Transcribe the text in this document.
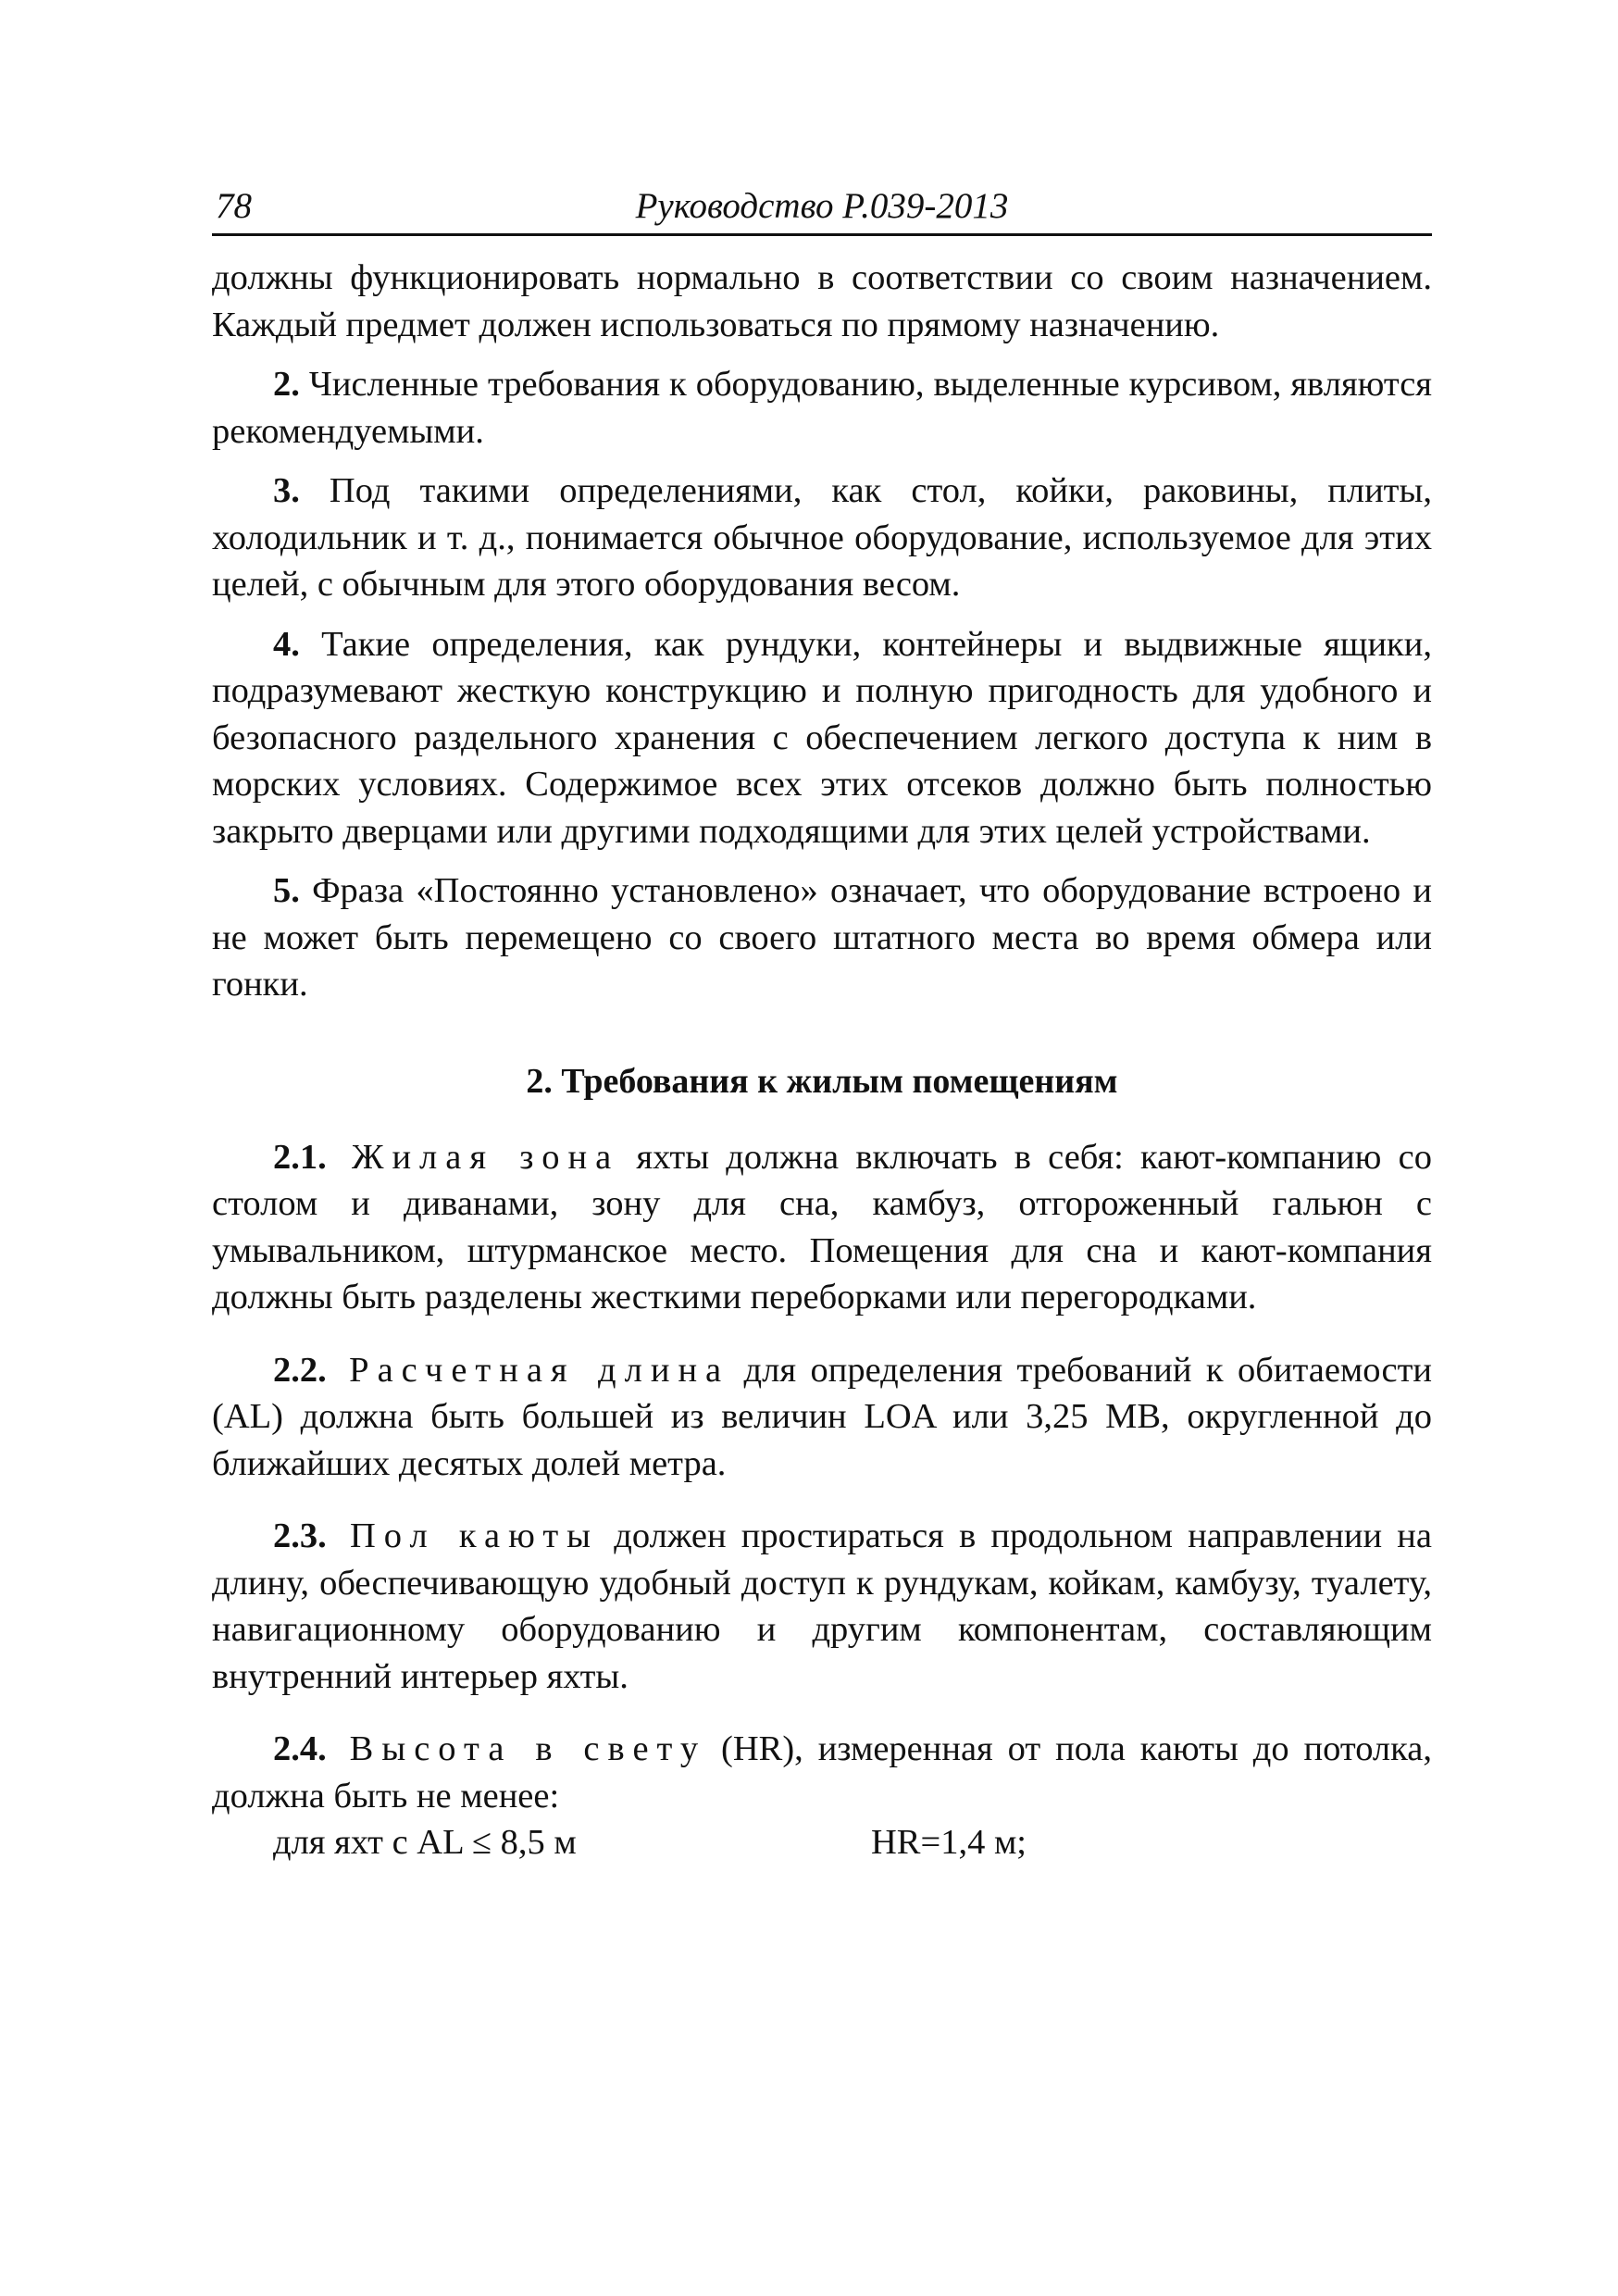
78	Руководство Р.039-2013

должны функционировать нормально в соответствии со своим назначением. Каждый предмет должен использоваться по прямому назначению.

2. Численные требования к оборудованию, выделенные курсивом, являются рекомендуемыми.

3. Под такими определениями, как стол, койки, раковины, плиты, холодильник и т. д., понимается обычное оборудование, используемое для этих целей, с обычным для этого оборудования весом.

4. Такие определения, как рундуки, контейнеры и выдвижные ящики, подразумевают жесткую конструкцию и полную пригодность для удобного и безопасного раздельного хранения с обеспечением легкого доступа к ним в морских условиях. Содержимое всех этих отсеков должно быть полностью закрыто дверцами или другими подходящими для этих целей устройствами.

5. Фраза «Постоянно установлено» означает, что оборудование встроено и не может быть перемещено со своего штатного места во время обмера или гонки.

2. Требования к жилым помещениям

2.1. Жилая зона яхты должна включать в себя: кают-компанию со столом и диванами, зону для сна, камбуз, отгороженный гальюн с умывальником, штурманское место. Помещения для сна и кают-компания должны быть разделены жесткими переборками или перегородками.

2.2. Расчетная длина для определения требований к обитаемости (AL) должна быть большей из величин LOA или 3,25 MB, округленной до ближайших десятых долей метра.

2.3. Пол каюты должен простираться в продольном направлении на длину, обеспечивающую удобный доступ к рундукам, койкам, камбузу, туалету, навигационному оборудованию и другим компонентам, составляющим внутренний интерьер яхты.

2.4. Высота в свету (HR), измеренная от пола каюты до потолка, должна быть не менее:

для яхт с AL ≤ 8,5 м	HR=1,4 м;
